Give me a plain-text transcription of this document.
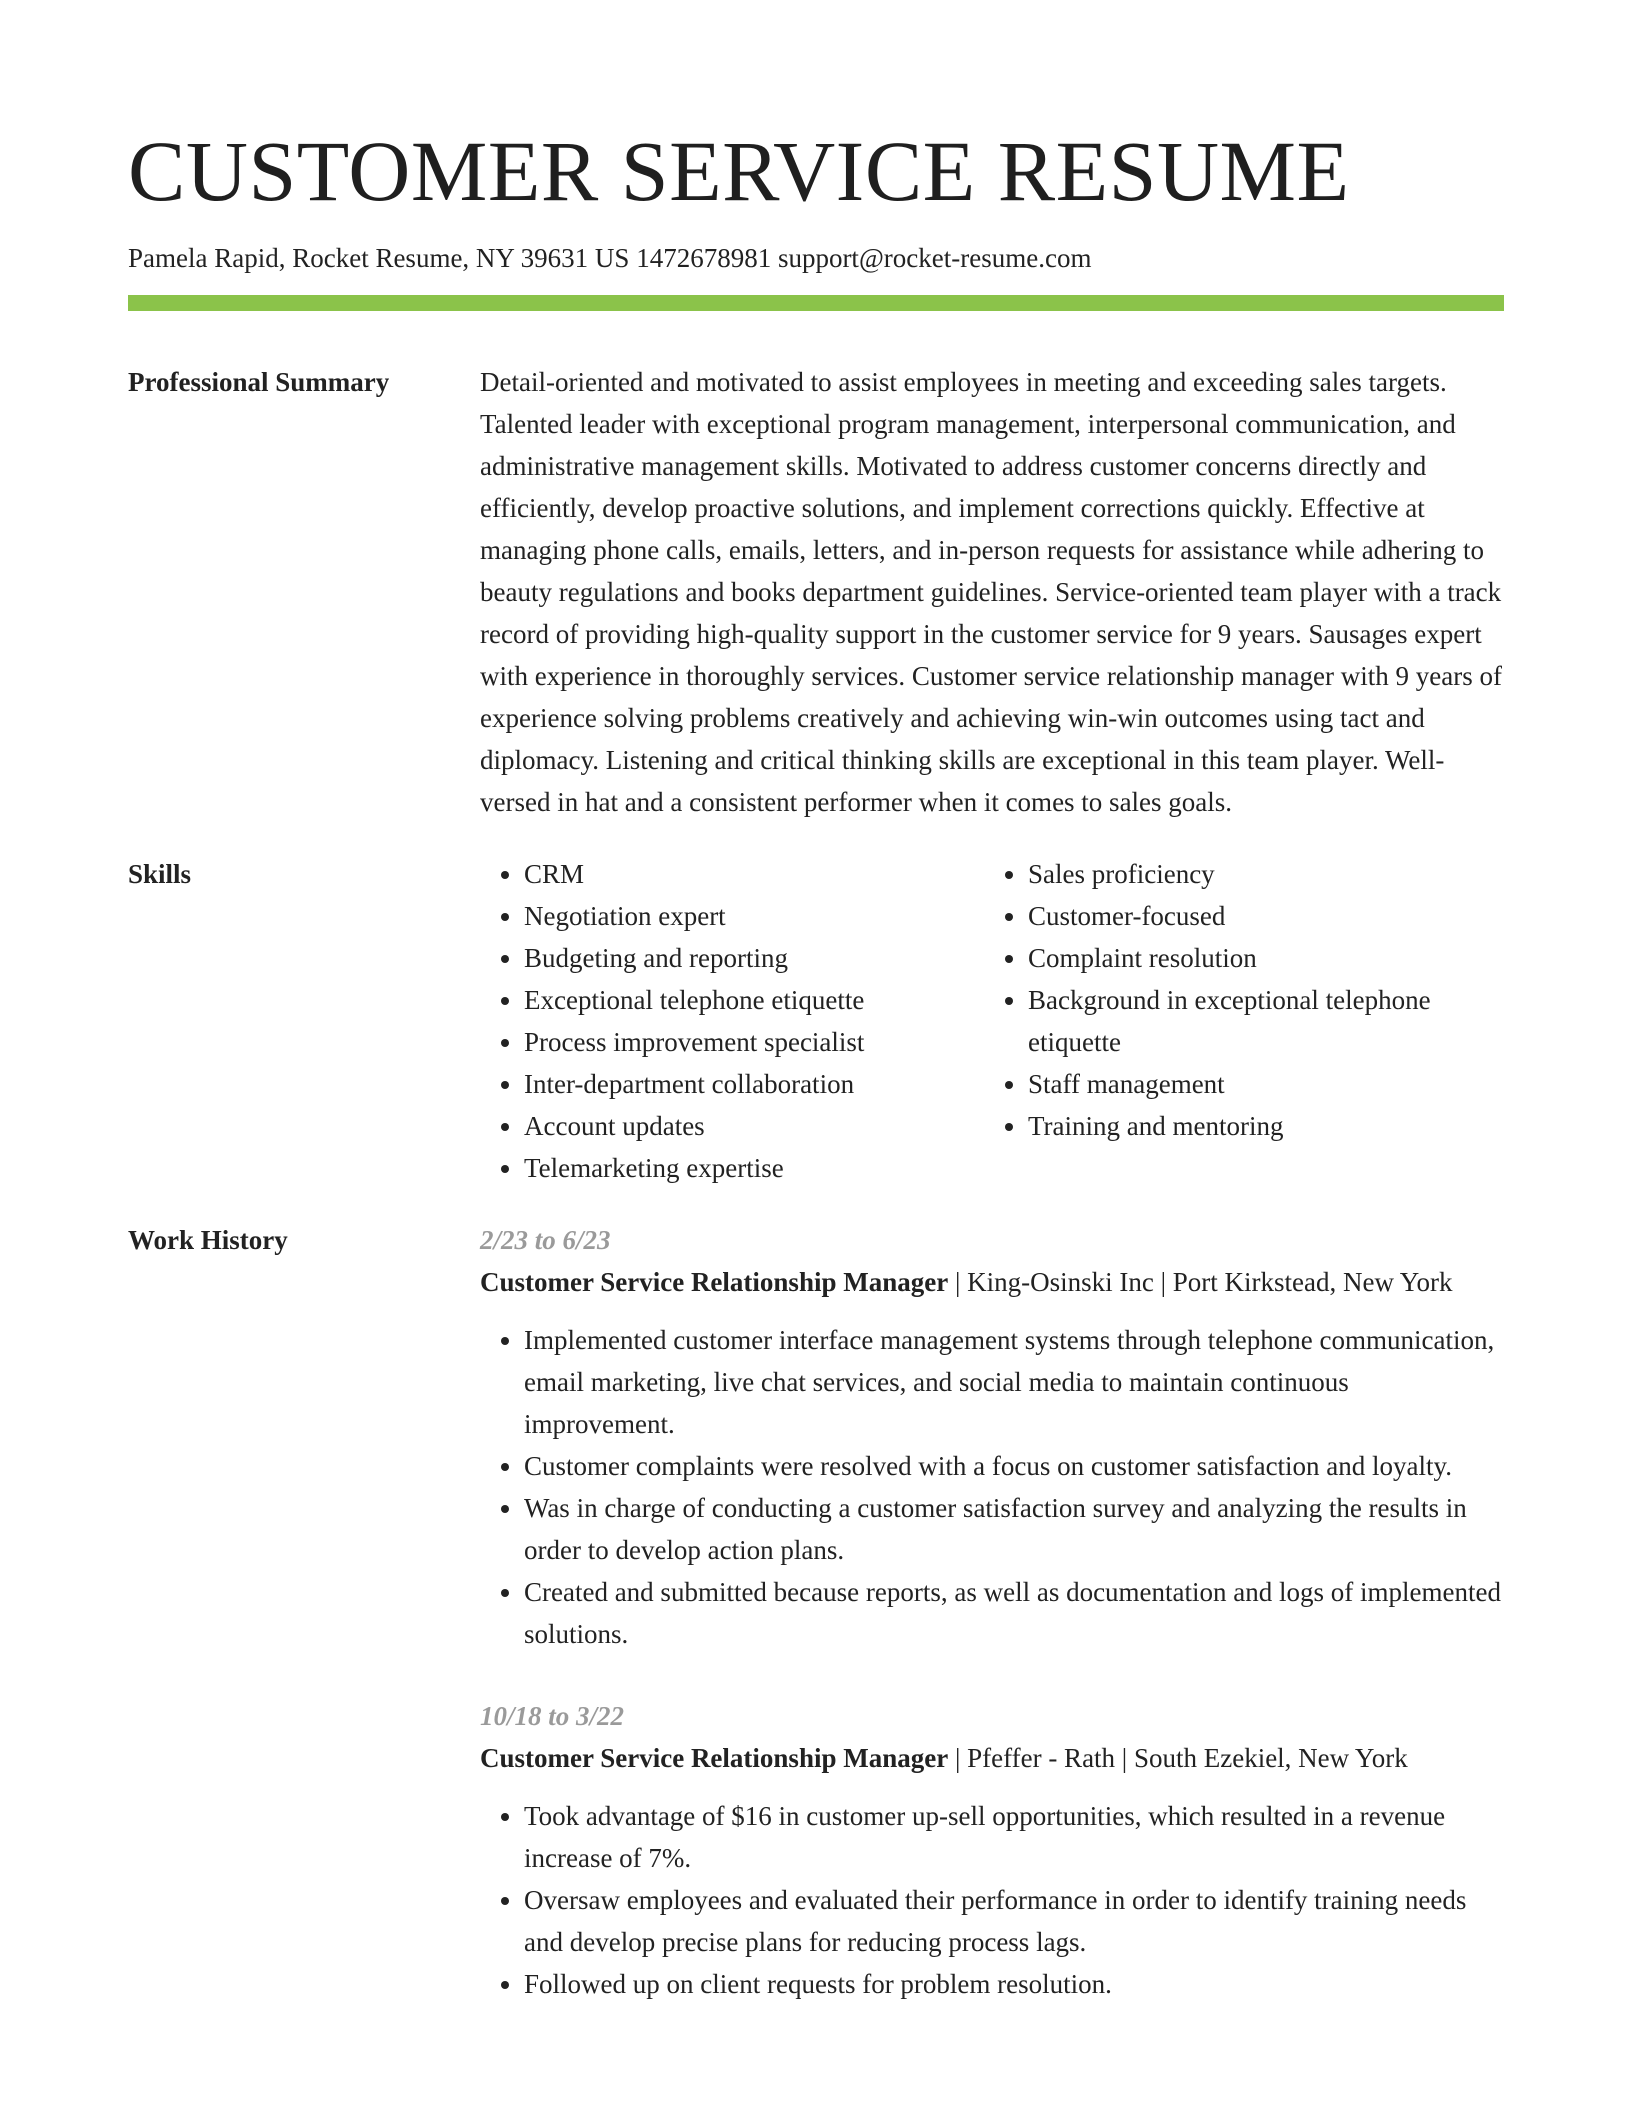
CUSTOMER SERVICE RESUME
Pamela Rapid, Rocket Resume, NY 39631 US 1472678981 support@rocket-resume.com
Professional Summary	Detail-oriented and motivated to assist employees in meeting and exceeding sales targets. Talented leader with exceptional program management, interpersonal communication, and administrative management skills. Motivated to address customer concerns directly and efficiently, develop proactive solutions, and implement corrections quickly. Effective at managing phone calls, emails, letters, and in-person requests for assistance while adhering to beauty regulations and books department guidelines. Service-oriented team player with a track record of providing high-quality support in the customer service for 9 years. Sausages expert with experience in thoroughly services. Customer service relationship manager with 9 years of experience solving problems creatively and achieving win-win outcomes using tact and diplomacy. Listening and critical thinking skills are exceptional in this team player. Well-versed in hat and a consistent performer when it comes to sales goals.
Skills
•	CRM
• Negotiation expert
• Budgeting and reporting
• Exceptional telephone etiquette
• Process improvement specialist
• Inter-department collaboration
• Account updates
• Telemarketing expertise
• Sales proficiency
• Customer-focused
• Complaint resolution
• Background in exceptional telephone etiquette
• Staff management
• Training and mentoring
Work History	2/23 to 6/23
Customer Service Relationship Manager | King-Osinski Inc | Port Kirkstead, New York
• Implemented customer interface management systems through telephone communication, email marketing, live chat services, and social media to maintain continuous improvement.
• Customer complaints were resolved with a focus on customer satisfaction and loyalty.
• Was in charge of conducting a customer satisfaction survey and analyzing the results in order to develop action plans.
• Created and submitted because reports, as well as documentation and logs of implemented solutions.
10/18 to 3/22
Customer Service Relationship Manager | Pfeffer - Rath | South Ezekiel, New York
• Took advantage of $16 in customer up-sell opportunities, which resulted in a revenue increase of 7%.
• Oversaw employees and evaluated their performance in order to identify training needs and develop precise plans for reducing process lags.
• Followed up on client requests for problem resolution.
